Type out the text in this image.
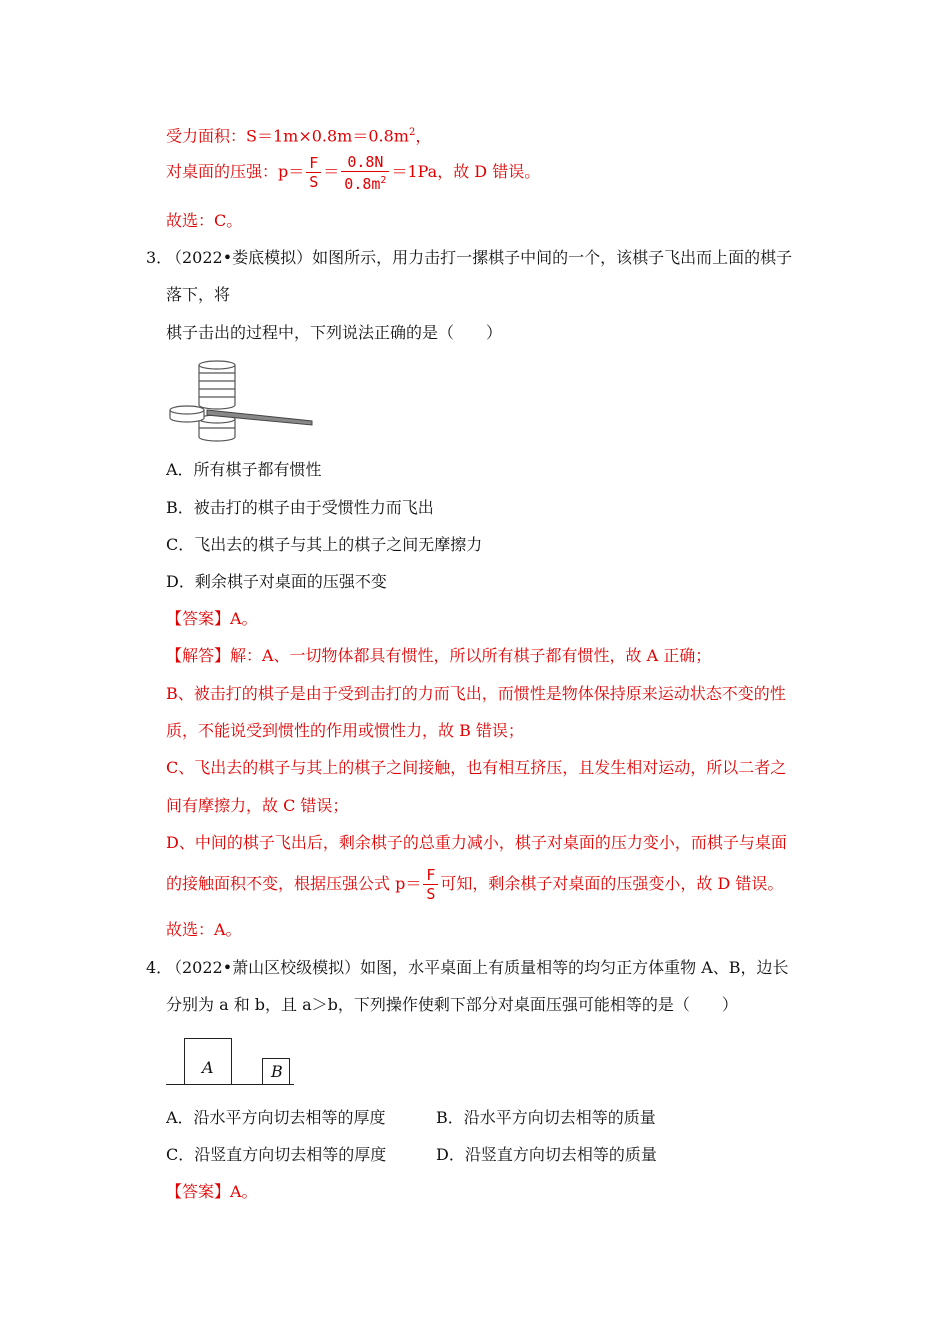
受力面积：$S=1m\times 0.8m=0.8m^2$，
对桌面的压强：$p= \frac{F}{S} = \frac{0.8N}{0.8m^2} =1Pa$，故 D 错误。
故选：C。
3．
（2022•娄底模拟）如图所示，用力击打一摞棋子中间的一个，该棋子飞出而上面的棋子
落下，将
棋子击出的过程中，下列说法正确的是（　　）
A．所有棋子都有惯性
B．被击打的棋子由于受惯性力而飞出
C．飞出去的棋子与其上的棋子之间无摩擦力
D．剩余棋子对桌面的压强不变
【答案】A。
【解答】解：A、一切物体都具有惯性，所以所有棋子都有惯性，故 A 正确；
B、被击打的棋子是由于受到击打的力而飞出，而惯性是物体保持原来运动状态不变的性
质，不能说受到惯性的作用或惯性力，故 B 错误；
C、飞出去的棋子与其上的棋子之间接触，也有相互挤压，且发生相对运动，所以二者之
间有摩擦力，故 C 错误；
D、中间的棋子飞出后，剩余棋子的总重力减小，棋子对桌面的压力变小，而棋子与桌面
的接触面积不变，根据压强公式 $p= \frac{F}{S}$ 可知，剩余棋子对桌面的压强变小，故 D 错误。
故选：A。
4．
（2022•萧山区校级模拟）如图，水平桌面上有质量相等的均匀正方体重物 A、B，边长
分别为 a 和 b，且 a＞b，下列操作使剩下部分对桌面压强可能相等的是（　　）
A	B
A．沿水平方向切去相等的厚度	B．沿水平方向切去相等的质量
C．沿竖直方向切去相等的厚度	D．沿竖直方向切去相等的质量
【答案】A。
